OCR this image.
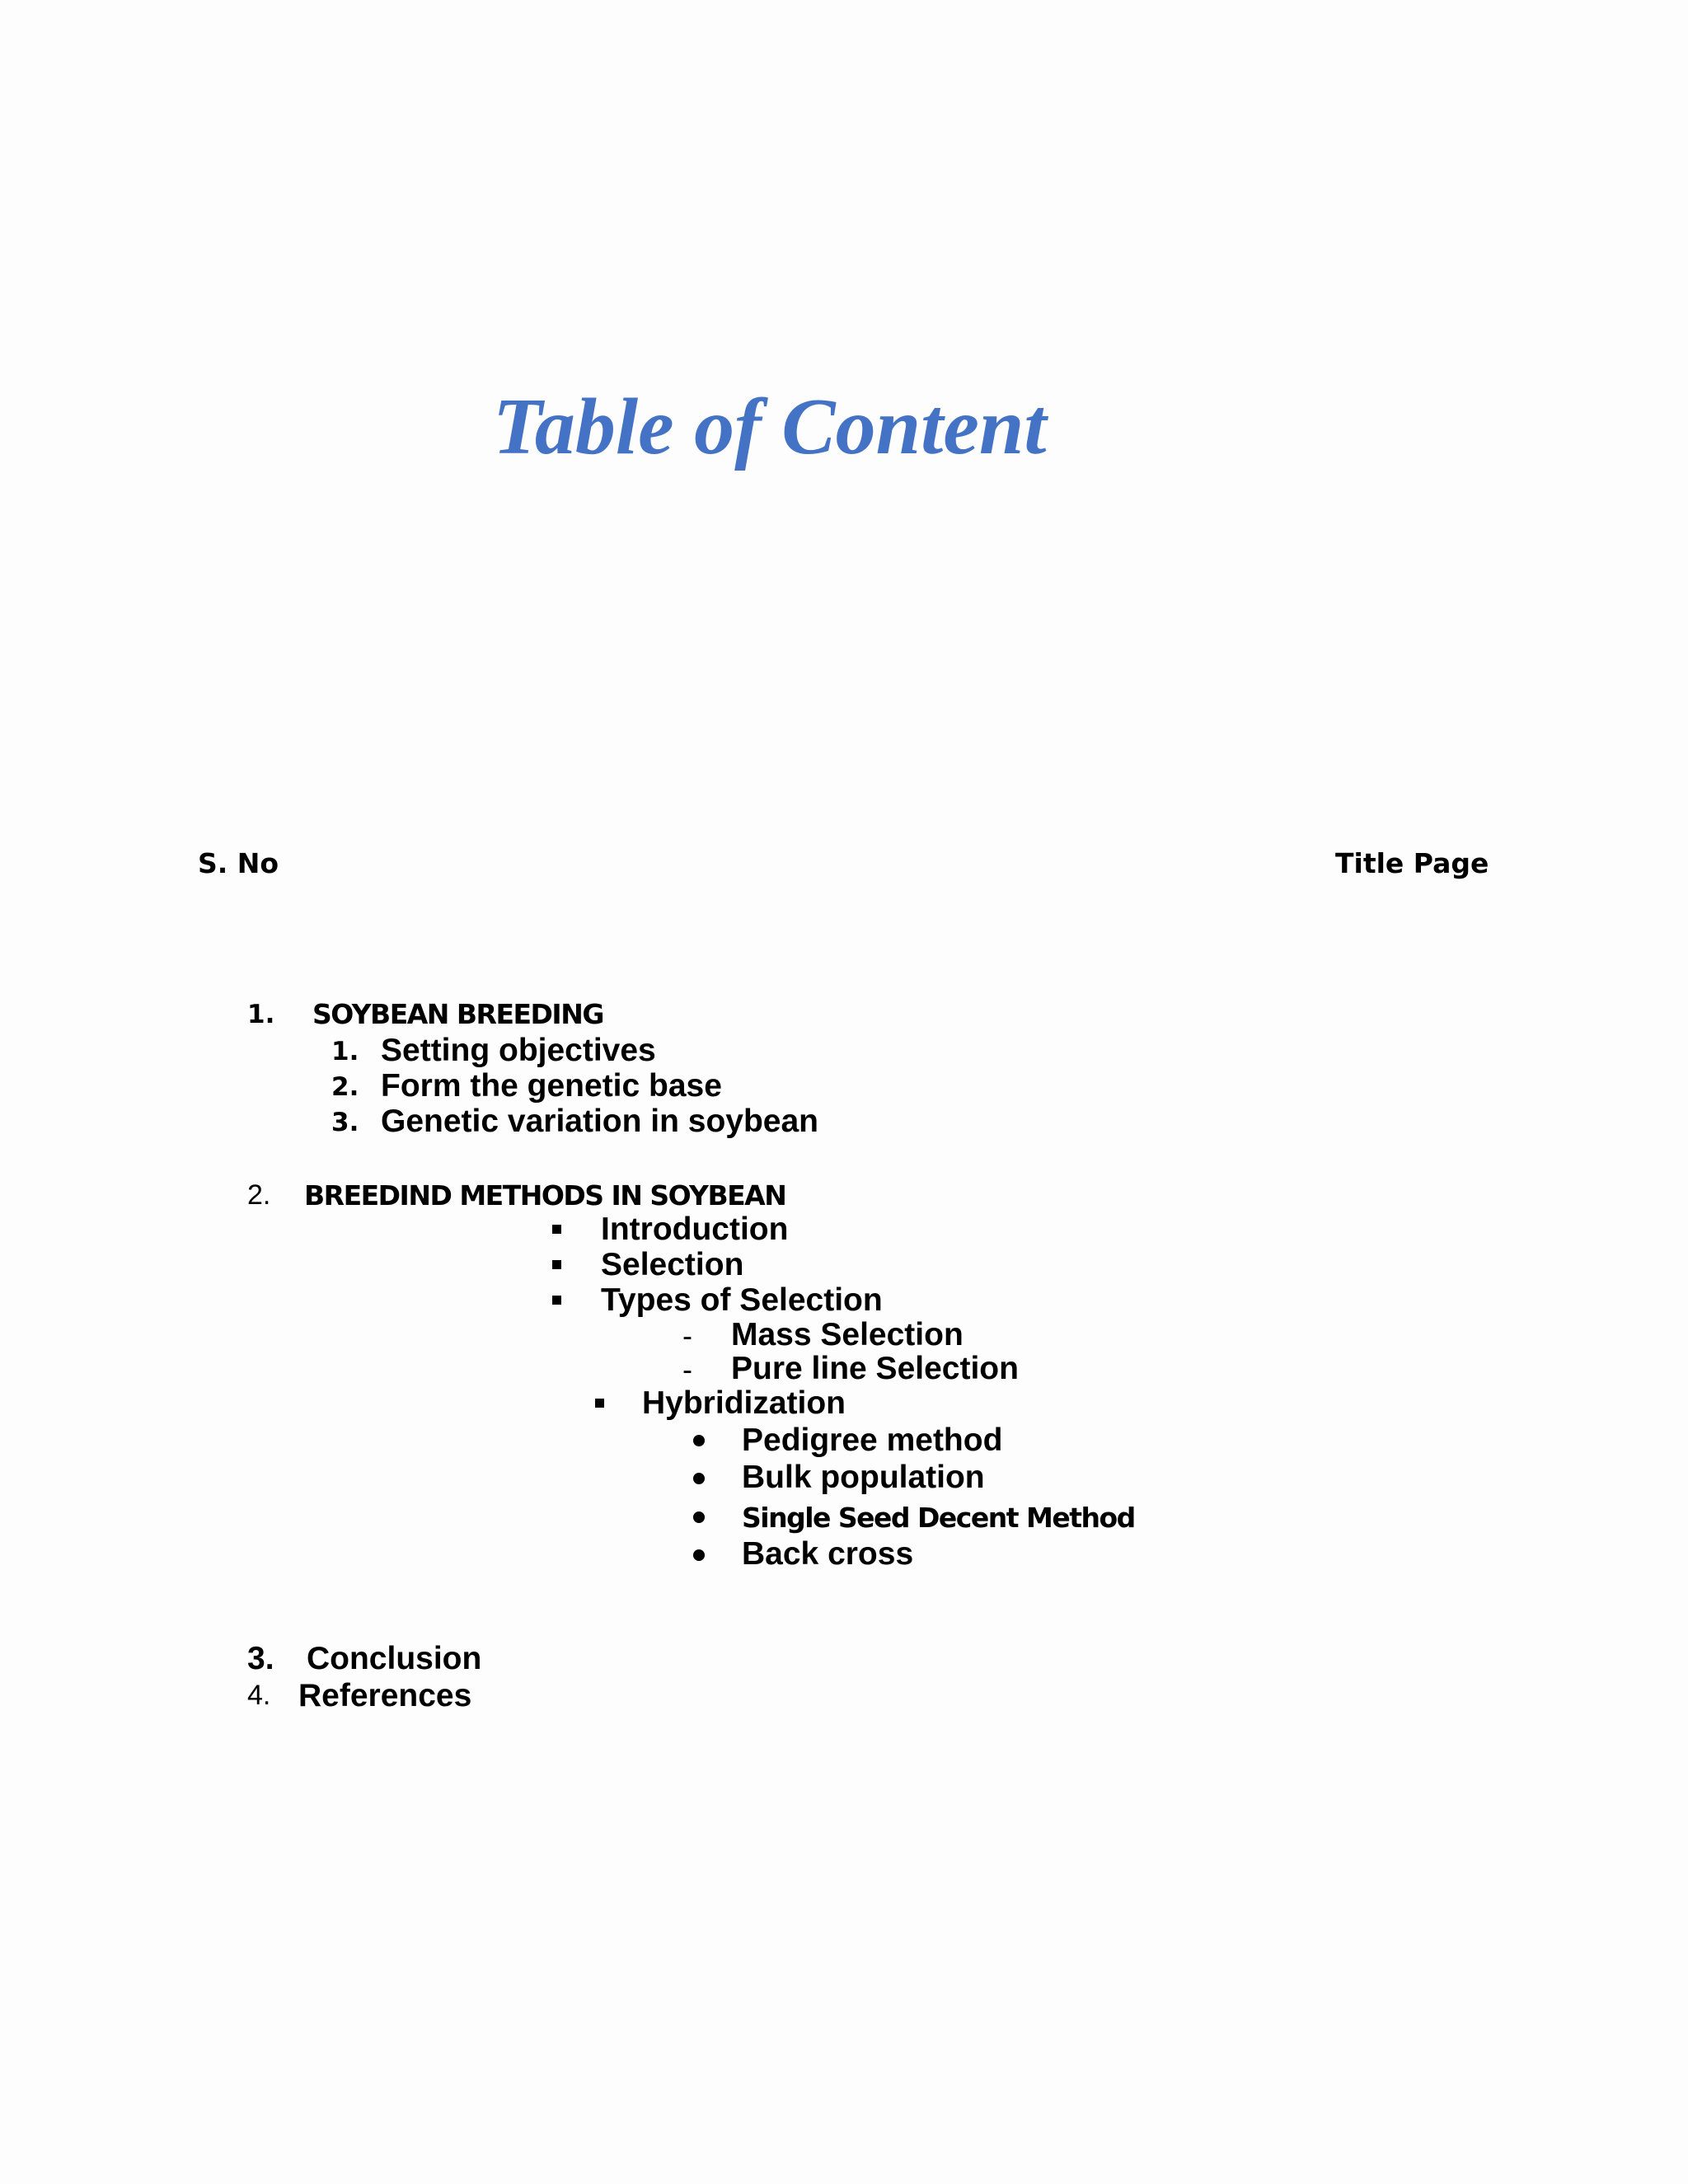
Table of Content
S. No	Title Page
1. SOYBEAN BREEDING
1. Setting objectives
2. Form the genetic base
3. Genetic variation in soybean
2. BREEDIND METHODS IN SOYBEAN
Introduction
Selection
Types of Selection
- Mass Selection
- Pure line Selection
Hybridization
Pedigree method
Bulk population
Single Seed Decent Method
Back cross
3. Conclusion
4. References
